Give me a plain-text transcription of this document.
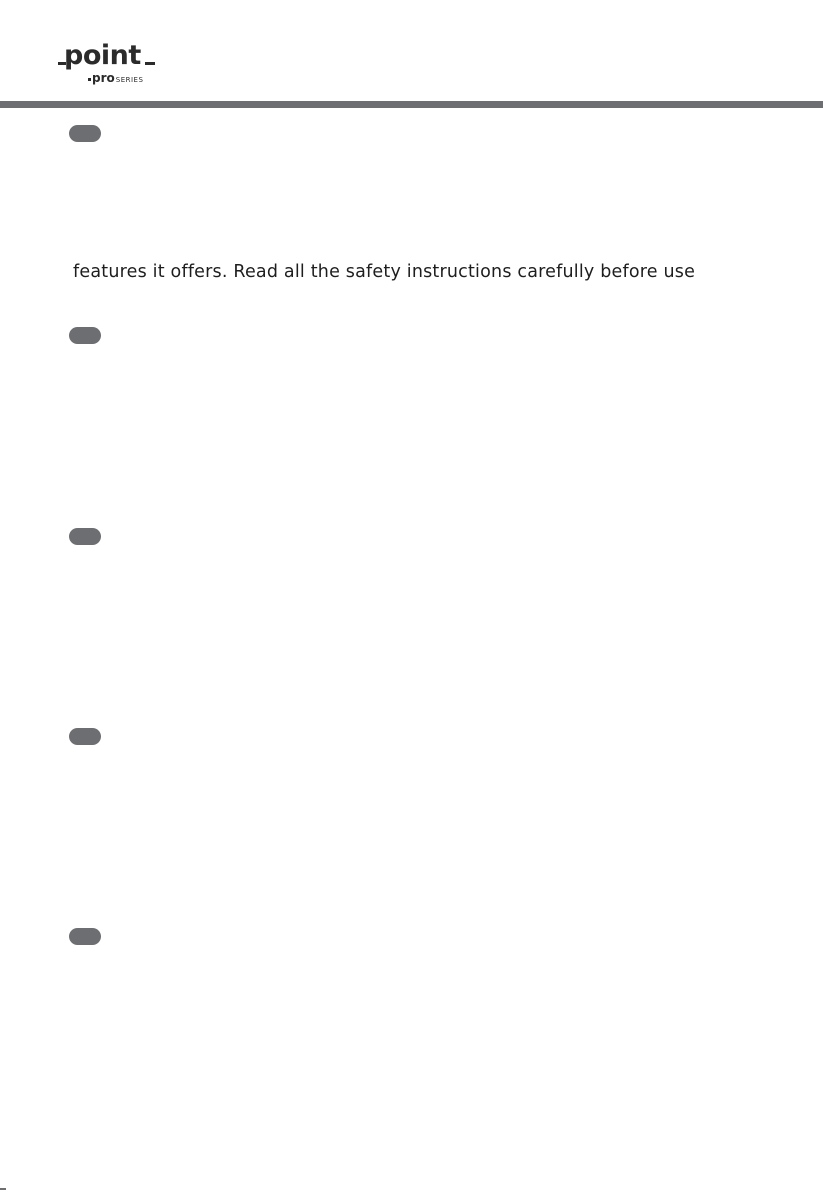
point
proSERIES
features it offers. Read all the safety instructions carefully before use
